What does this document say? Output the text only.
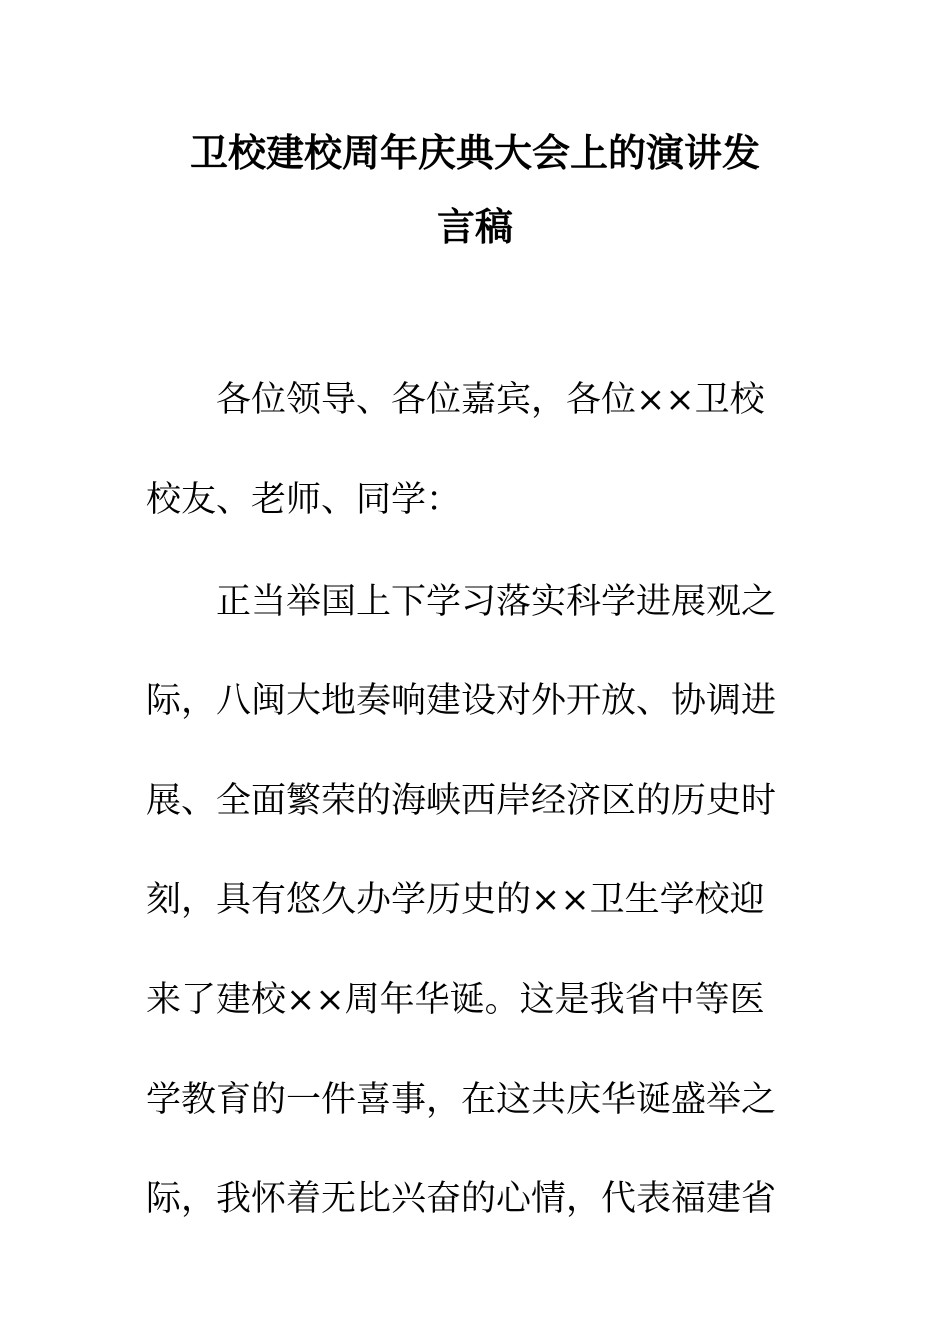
卫校建校周年庆典大会上的演讲发
言稿
各位领导、各位嘉宾，各位××卫校
校友、老师、同学：
正当举国上下学习落实科学进展观之
际，八闽大地奏响建设对外开放、协调进
展、全面繁荣的海峡西岸经济区的历史时
刻，具有悠久办学历史的××卫生学校迎
来了建校××周年华诞。这是我省中等医
学教育的一件喜事，在这共庆华诞盛举之
际，我怀着无比兴奋的心情，代表福建省
